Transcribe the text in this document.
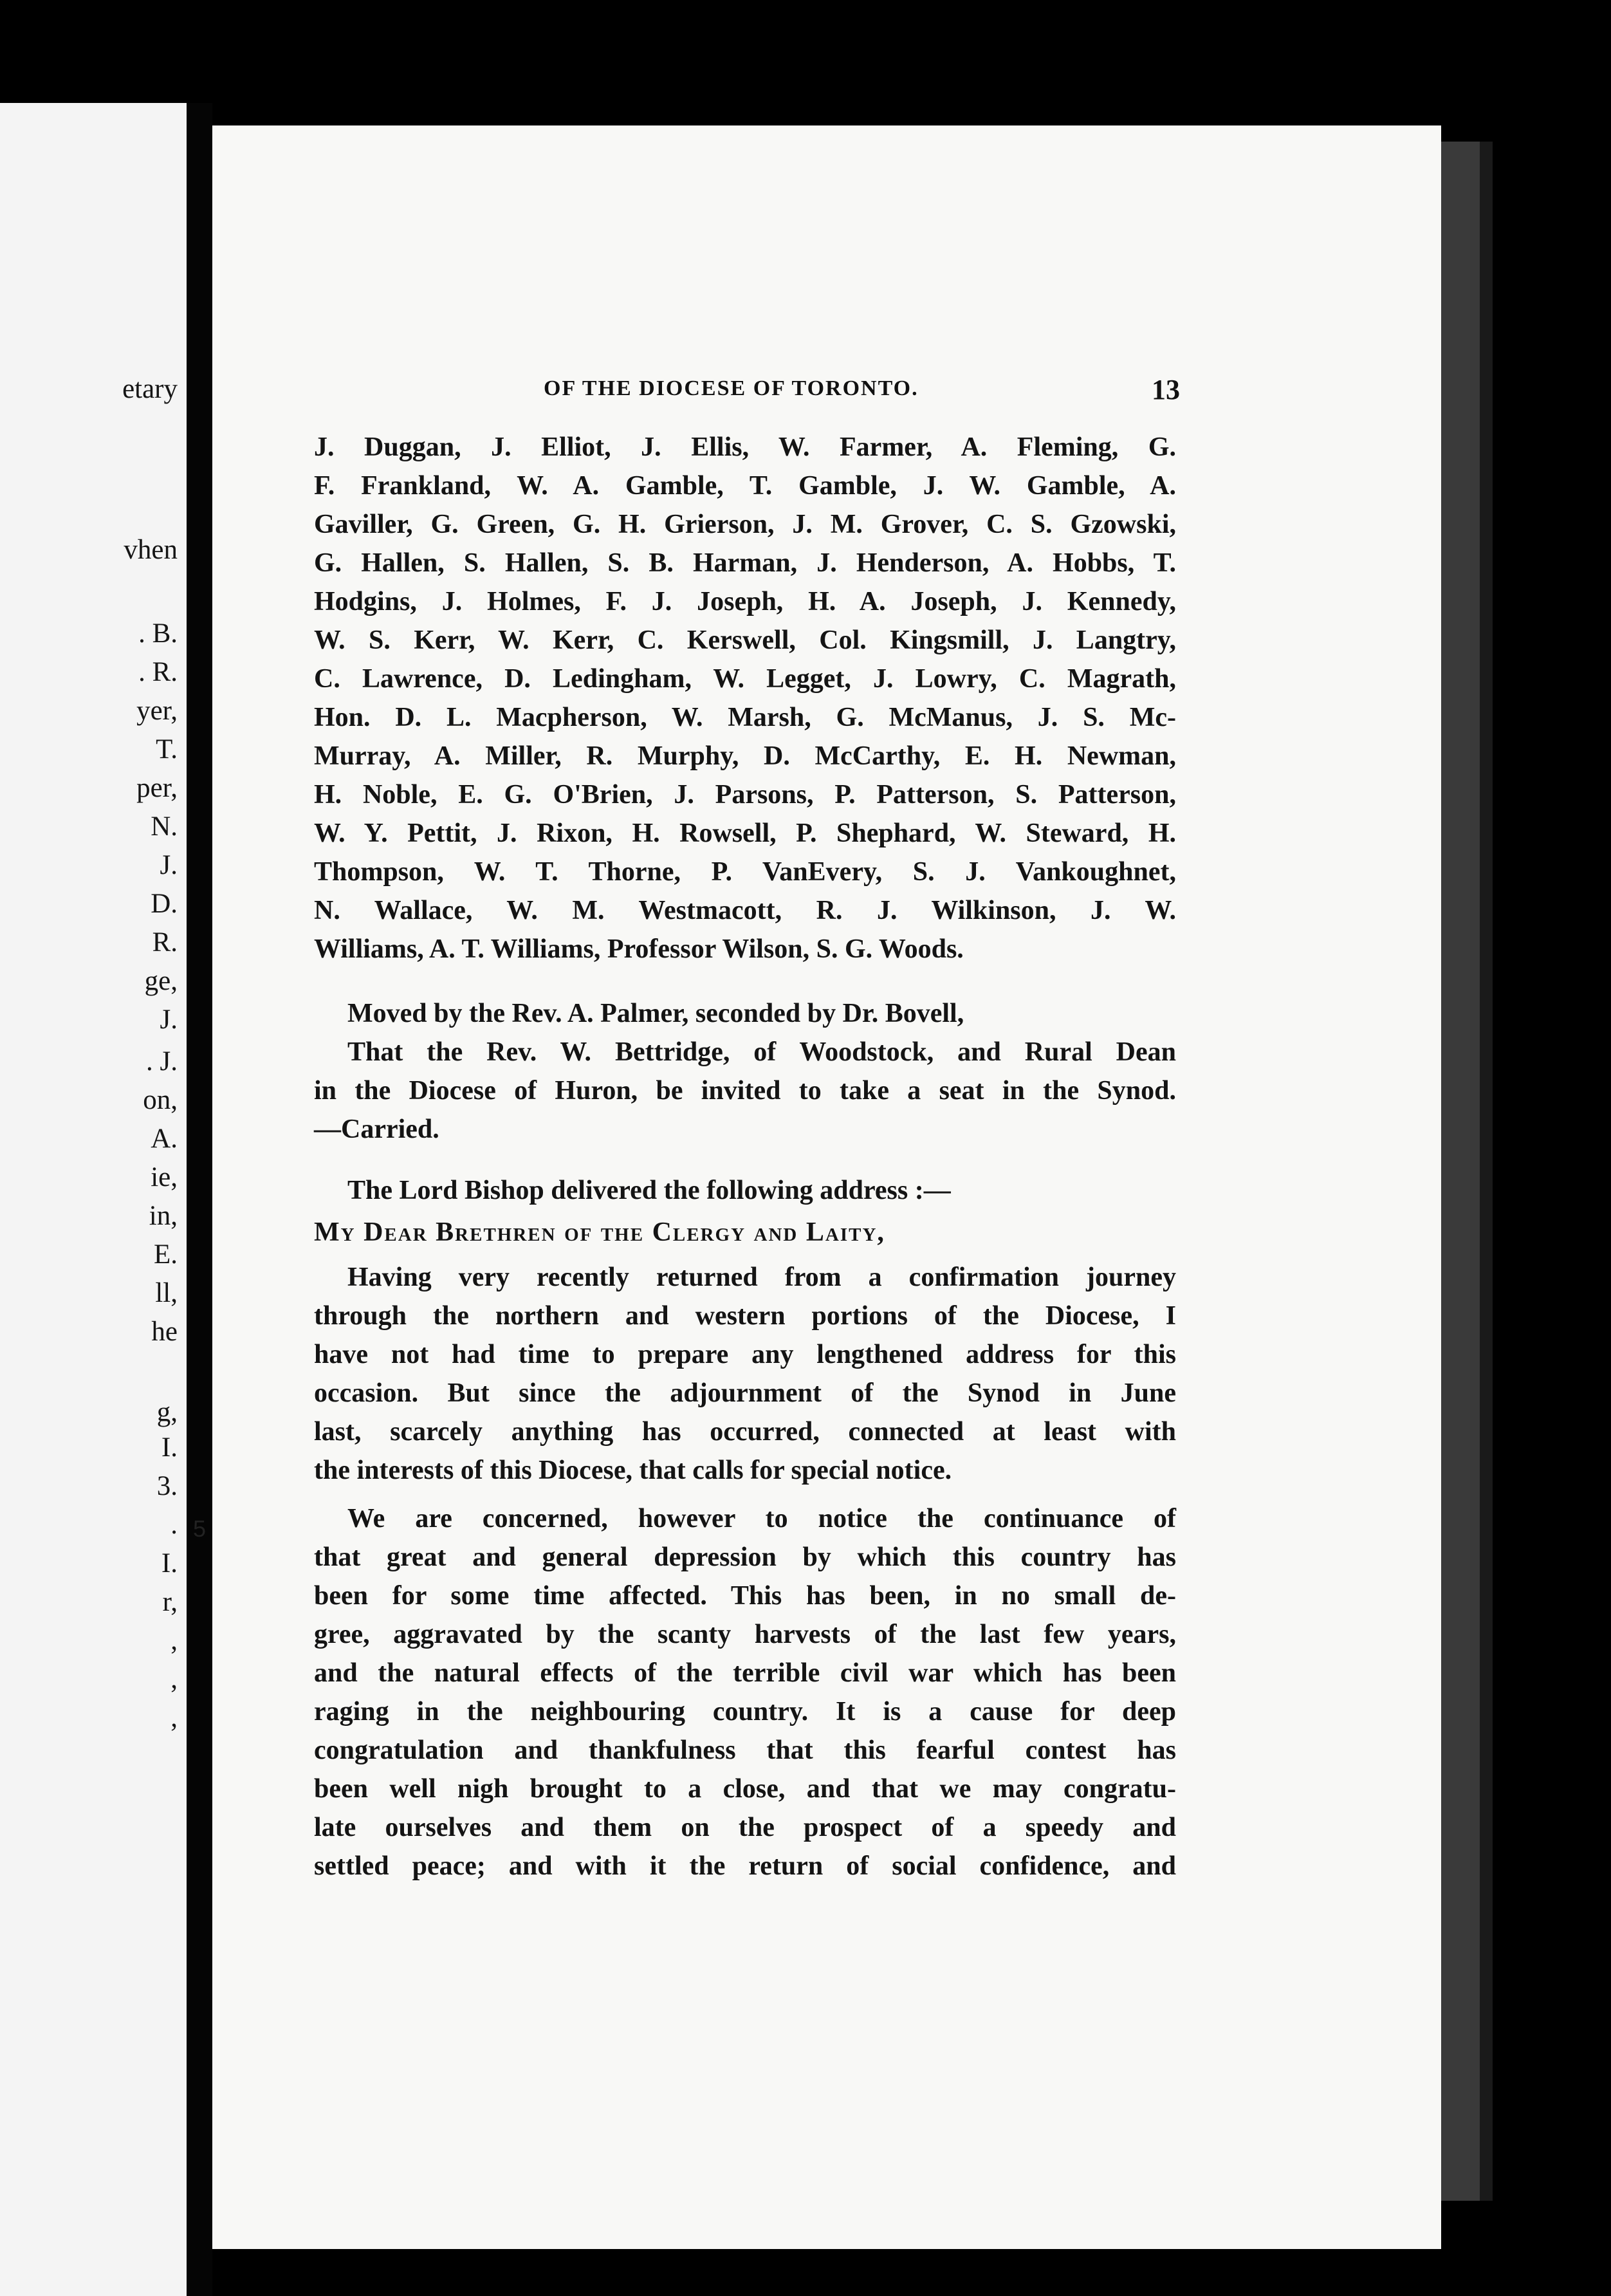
etary
vhen
. B.
. R.
yer,
T.
per,
N.
J.
D.
R.
ge,
J.
. J.
on,
A.
ie,
in,
E.
ll,
he
g,
I.
3.
.
I.
r,
,
,
,
OF THE DIOCESE OF TORONTO.	13

J. Duggan, J. Elliot, J. Ellis, W. Farmer, A. Fleming, G.

F. Frankland, W. A. Gamble, T. Gamble, J. W. Gamble, A.

Gaviller, G. Green, G. H. Grierson, J. M. Grover, C. S. Gzowski,

G. Hallen, S. Hallen, S. B. Harman, J. Henderson, A. Hobbs, T.

Hodgins, J. Holmes, F. J. Joseph, H. A. Joseph, J. Kennedy,

W. S. Kerr, W. Kerr, C. Kerswell, Col. Kingsmill, J. Langtry,

C. Lawrence, D. Ledingham, W. Legget, J. Lowry, C. Magrath,

Hon. D. L. Macpherson, W. Marsh, G. McManus, J. S. Mc-

Murray, A. Miller, R. Murphy, D. McCarthy, E. H. Newman,

H. Noble, E. G. O'Brien, J. Parsons, P. Patterson, S. Patterson,

W. Y. Pettit, J. Rixon, H. Rowsell, P. Shephard, W. Steward, H.

Thompson, W. T. Thorne, P. VanEvery, S. J. Vankoughnet,

N. Wallace, W. M. Westmacott, R. J. Wilkinson, J. W.

Williams, A. T. Williams, Professor Wilson, S. G. Woods.

Moved by the Rev. A. Palmer, seconded by Dr. Bovell,

That the Rev. W. Bettridge, of Woodstock, and Rural Dean

in the Diocese of Huron, be invited to take a seat in the Synod.

—Carried.

The Lord Bishop delivered the following address :—

My Dear Brethren of the Clergy and Laity,

Having very recently returned from a confirmation journey

through the northern and western portions of the Diocese, I

have not had time to prepare any lengthened address for this

occasion. But since the adjournment of the Synod in June

last, scarcely anything has occurred, connected at least with

the interests of this Diocese, that calls for special notice.

We are concerned, however to notice the continuance of

that great and general depression by which this country has

been for some time affected. This has been, in no small de-

gree, aggravated by the scanty harvests of the last few years,

and the natural effects of the terrible civil war which has been

raging in the neighbouring country. It is a cause for deep

congratulation and thankfulness that this fearful contest has

been well nigh brought to a close, and that we may congratu-

late ourselves and them on the prospect of a speedy and

settled peace; and with it the return of social confidence, and

5
